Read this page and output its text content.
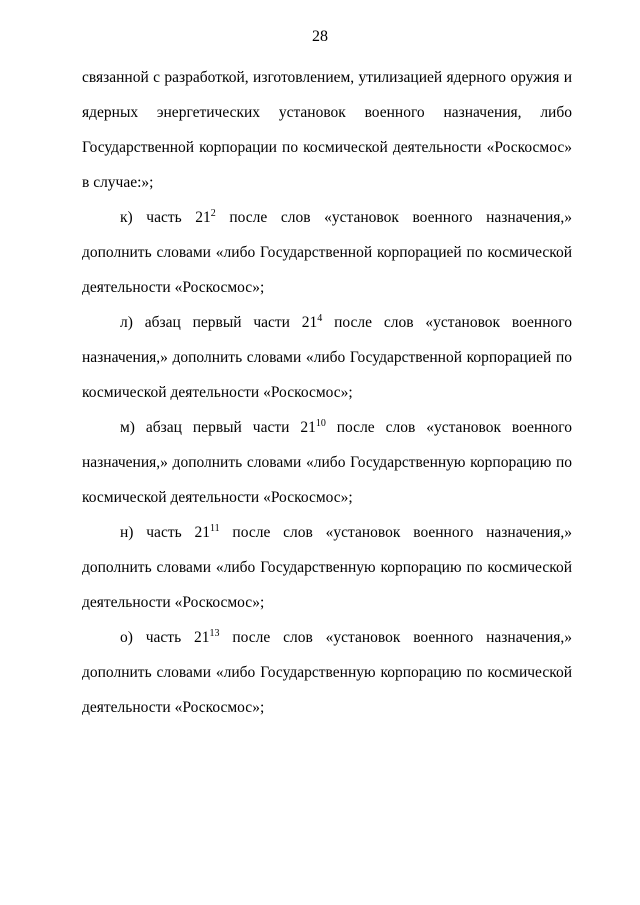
28

связанной с разработкой, изготовлением, утилизацией ядерного оружия и ядерных энергетических установок военного назначения, либо Государственной корпорации по космической деятельности «Роскосмос» в случае:»;

к) часть $21^2$ после слов «установок военного назначения,» дополнить словами «либо Государственной корпорацией по космической деятельности «Роскосмос»;

л) абзац первый части $21^4$ после слов «установок военного назначения,» дополнить словами «либо Государственной корпорацией по космической деятельности «Роскосмос»;

м) абзац первый части $21^{10}$ после слов «установок военного назначения,» дополнить словами «либо Государственную корпорацию по космической деятельности «Роскосмос»;

н) часть $21^{11}$ после слов «установок военного назначения,» дополнить словами «либо Государственную корпорацию по космической деятельности «Роскосмос»;

о) часть $21^{13}$ после слов «установок военного назначения,» дополнить словами «либо Государственную корпорацию по космической деятельности «Роскосмос»;
